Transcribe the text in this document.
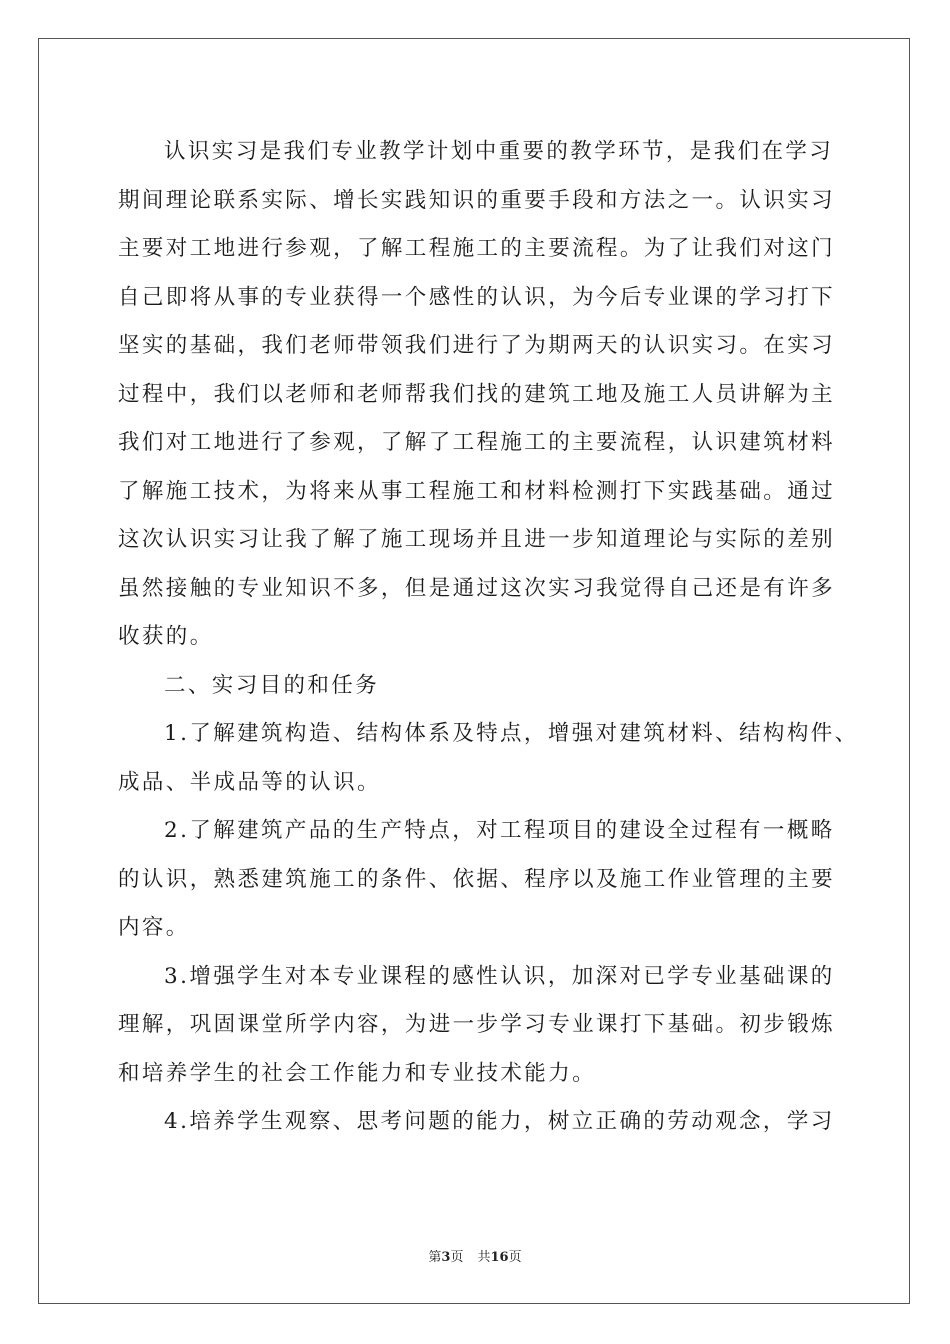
认识实习是我们专业教学计划中重要的教学环节，是我们在学习
期间理论联系实际、增长实践知识的重要手段和方法之一。认识实习
主要对工地进行参观，了解工程施工的主要流程。为了让我们对这门
自己即将从事的专业获得一个感性的认识，为今后专业课的学习打下
坚实的基础，我们老师带领我们进行了为期两天的认识实习。在实习
过程中，我们以老师和老师帮我们找的建筑工地及施工人员讲解为主
我们对工地进行了参观，了解了工程施工的主要流程，认识建筑材料
了解施工技术，为将来从事工程施工和材料检测打下实践基础。通过
这次认识实习让我了解了施工现场并且进一步知道理论与实际的差别
虽然接触的专业知识不多，但是通过这次实习我觉得自己还是有许多
收获的。
二、实习目的和任务
1.了解建筑构造、结构体系及特点，增强对建筑材料、结构构件、
成品、半成品等的认识。
2.了解建筑产品的生产特点，对工程项目的建设全过程有一概略
的认识，熟悉建筑施工的条件、依据、程序以及施工作业管理的主要
内容。
3.增强学生对本专业课程的感性认识，加深对已学专业基础课的
理解，巩固课堂所学内容，为进一步学习专业课打下基础。初步锻炼
和培养学生的社会工作能力和专业技术能力。
4.培养学生观察、思考问题的能力，树立正确的劳动观念，学习
第3页 共16页
